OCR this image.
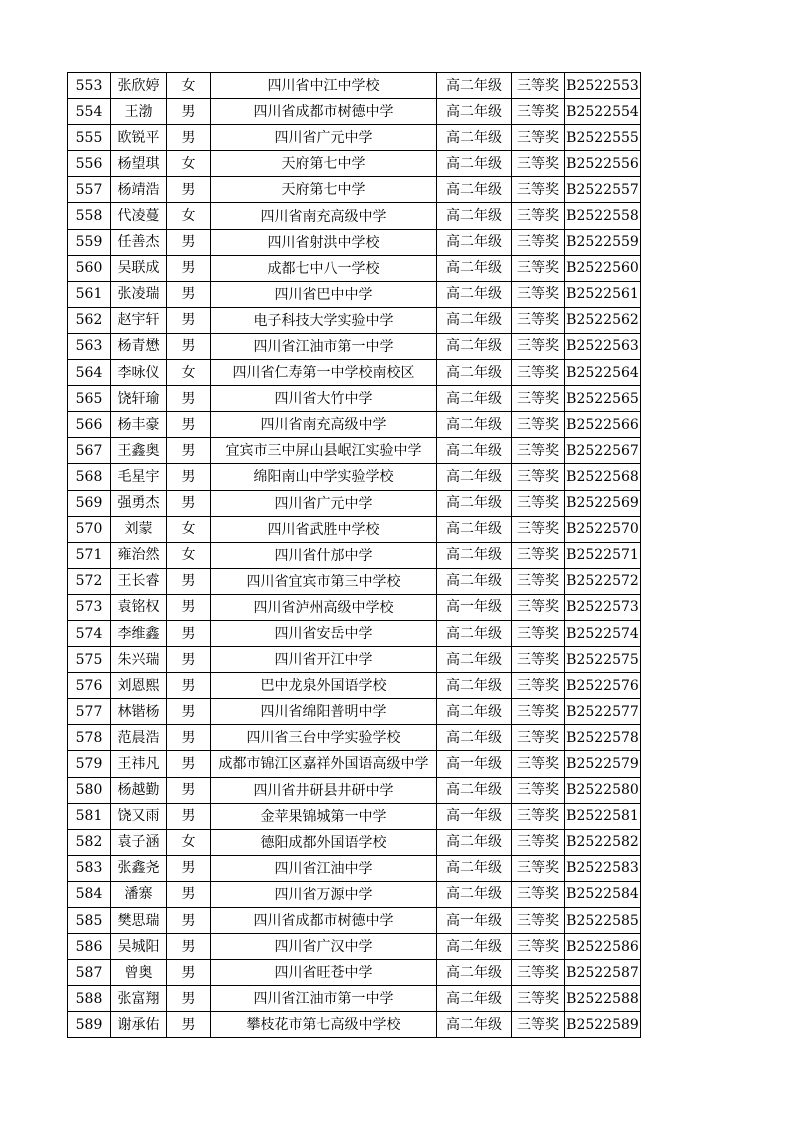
553	张欣婷	女	四川省中江中学校	高二年级	三等奖	B2522553
554	王渤	男	四川省成都市树德中学	高二年级	三等奖	B2522554
555	欧锐平	男	四川省广元中学	高二年级	三等奖	B2522555
556	杨望琪	女	天府第七中学	高二年级	三等奖	B2522556
557	杨靖浩	男	天府第七中学	高二年级	三等奖	B2522557
558	代凌蔓	女	四川省南充高级中学	高二年级	三等奖	B2522558
559	任善杰	男	四川省射洪中学校	高二年级	三等奖	B2522559
560	吴联成	男	成都七中八一学校	高二年级	三等奖	B2522560
561	张凌瑞	男	四川省巴中中学	高二年级	三等奖	B2522561
562	赵宇轩	男	电子科技大学实验中学	高二年级	三等奖	B2522562
563	杨青懋	男	四川省江油市第一中学	高二年级	三等奖	B2522563
564	李咏仪	女	四川省仁寿第一中学校南校区	高二年级	三等奖	B2522564
565	饶轩瑜	男	四川省大竹中学	高二年级	三等奖	B2522565
566	杨丰豪	男	四川省南充高级中学	高二年级	三等奖	B2522566
567	王鑫奥	男	宜宾市三中屏山县岷江实验中学	高二年级	三等奖	B2522567
568	毛星宇	男	绵阳南山中学实验学校	高二年级	三等奖	B2522568
569	强勇杰	男	四川省广元中学	高二年级	三等奖	B2522569
570	刘蒙	女	四川省武胜中学校	高二年级	三等奖	B2522570
571	雍治然	女	四川省什邡中学	高二年级	三等奖	B2522571
572	王长睿	男	四川省宜宾市第三中学校	高二年级	三等奖	B2522572
573	袁铭权	男	四川省泸州高级中学校	高一年级	三等奖	B2522573
574	李维鑫	男	四川省安岳中学	高二年级	三等奖	B2522574
575	朱兴瑞	男	四川省开江中学	高二年级	三等奖	B2522575
576	刘恩熙	男	巴中龙泉外国语学校	高二年级	三等奖	B2522576
577	林锴杨	男	四川省绵阳普明中学	高二年级	三等奖	B2522577
578	范晨浩	男	四川省三台中学实验学校	高二年级	三等奖	B2522578
579	王祎凡	男	成都市锦江区嘉祥外国语高级中学	高一年级	三等奖	B2522579
580	杨越勤	男	四川省井研县井研中学	高二年级	三等奖	B2522580
581	饶又雨	男	金苹果锦城第一中学	高一年级	三等奖	B2522581
582	袁子涵	女	德阳成都外国语学校	高二年级	三等奖	B2522582
583	张鑫尧	男	四川省江油中学	高二年级	三等奖	B2522583
584	潘寨	男	四川省万源中学	高二年级	三等奖	B2522584
585	樊思瑞	男	四川省成都市树德中学	高一年级	三等奖	B2522585
586	吴城阳	男	四川省广汉中学	高二年级	三等奖	B2522586
587	曾奥	男	四川省旺苍中学	高二年级	三等奖	B2522587
588	张富翔	男	四川省江油市第一中学	高二年级	三等奖	B2522588
589	谢承佑	男	攀枝花市第七高级中学校	高二年级	三等奖	B2522589
